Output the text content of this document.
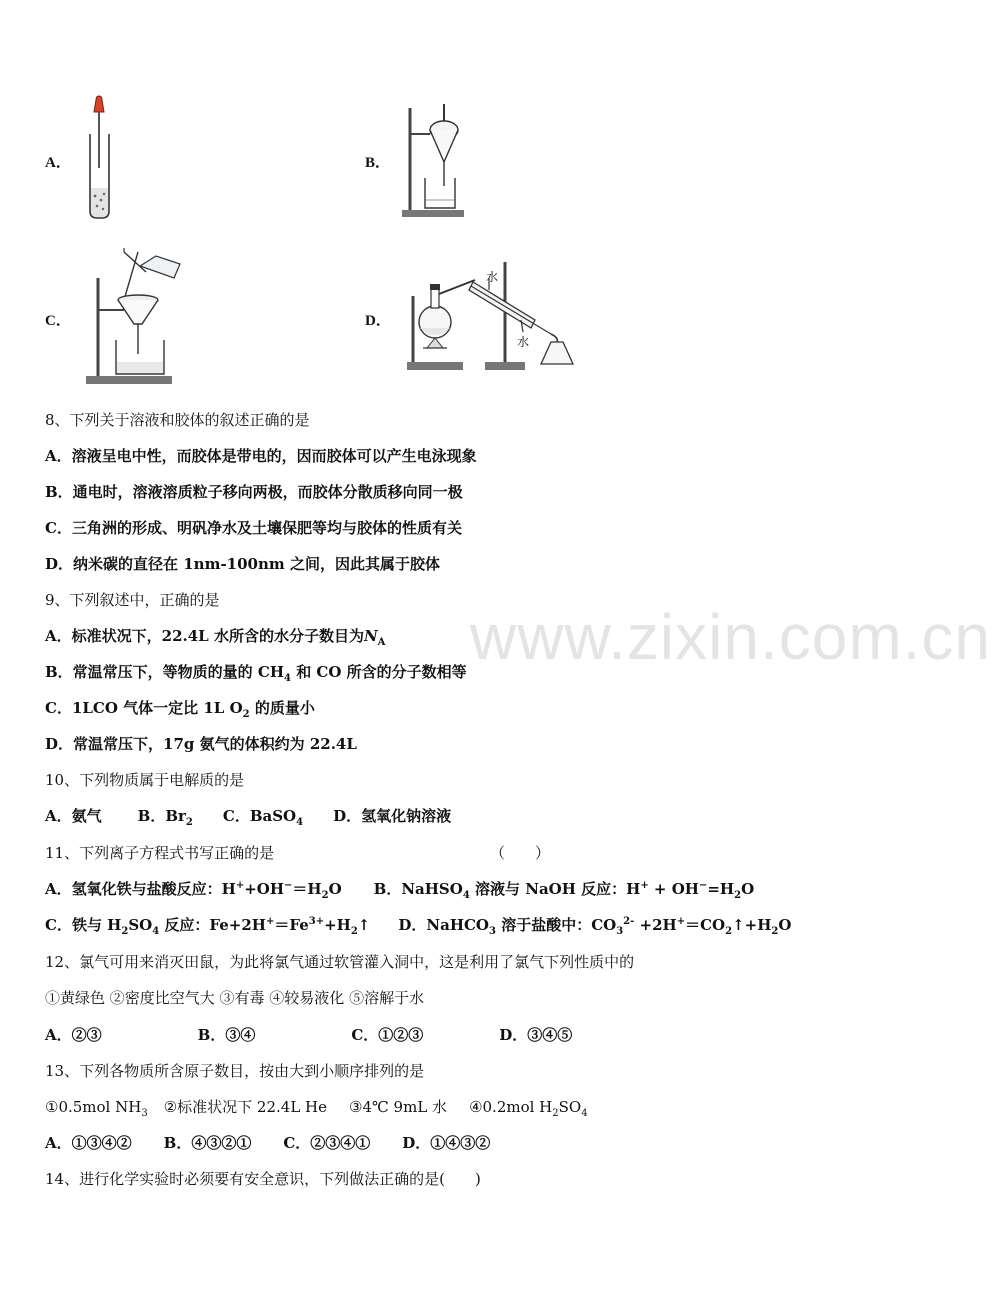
www.zixin.com.cn
A．	B．
C．	D．
水
水
8、下列关于溶液和胶体的叙述正确的是
A．溶液呈电中性，而胶体是带电的，因而胶体可以产生电泳现象
B．通电时，溶液溶质粒子移向两极，而胶体分散质移向同一极
C．三角洲的形成、明矾净水及土壤保肥等均与胶体的性质有关
D．纳米碳的直径在 1nm-100nm 之间，因此其属于胶体
9、下列叙述中，正确的是
A．标准状况下，22.4L 水所含的水分子数目为$N_A$
B．常温常压下，等物质的量的 $CH_4$ 和 CO 所含的分子数相等
C．1LCO 气体一定比 1L $O_2$ 的质量小
D．常温常压下，17g 氨气的体积约为 22.4L
10、下列物质属于电解质的是
A．氨气 B．$Br_2$ C．BaSO$_4$ D．氢氧化钠溶液
11、下列离子方程式书写正确的是	（　　）
A．氢氧化铁与盐酸反应：$H^++OH^-=H_2O$ B．NaHSO$_4$ 溶液与 NaOH 反应：$H^+ + OH^-=H_2O$
C．铁与 $H_2SO_4$ 反应：$Fe+2H^+=Fe^{3+}+H_2↑$ D．NaHCO$_3$ 溶于盐酸中：$CO_3^{2-}$ $+2H^+=CO_2↑+H_2O$
12、氯气可用来消灭田鼠，为此将氯气通过软管灌入洞中，这是利用了氯气下列性质中的
①黄绿色 ②密度比空气大 ③有毒 ④较易液化 ⑤溶解于水
A．②③	B．③④	C．①②③	D．③④⑤
13、下列各物质所含原子数目，按由大到小顺序排列的是
①0.5mol $NH_3$ ②标准状况下 22.4L He ③4℃ 9mL 水 ④0.2mol $H_2SO_4$
A．①③④② B．④③②① C．②③④① D．①④③②
14、进行化学实验时必须要有安全意识，下列做法正确的是(　　)
